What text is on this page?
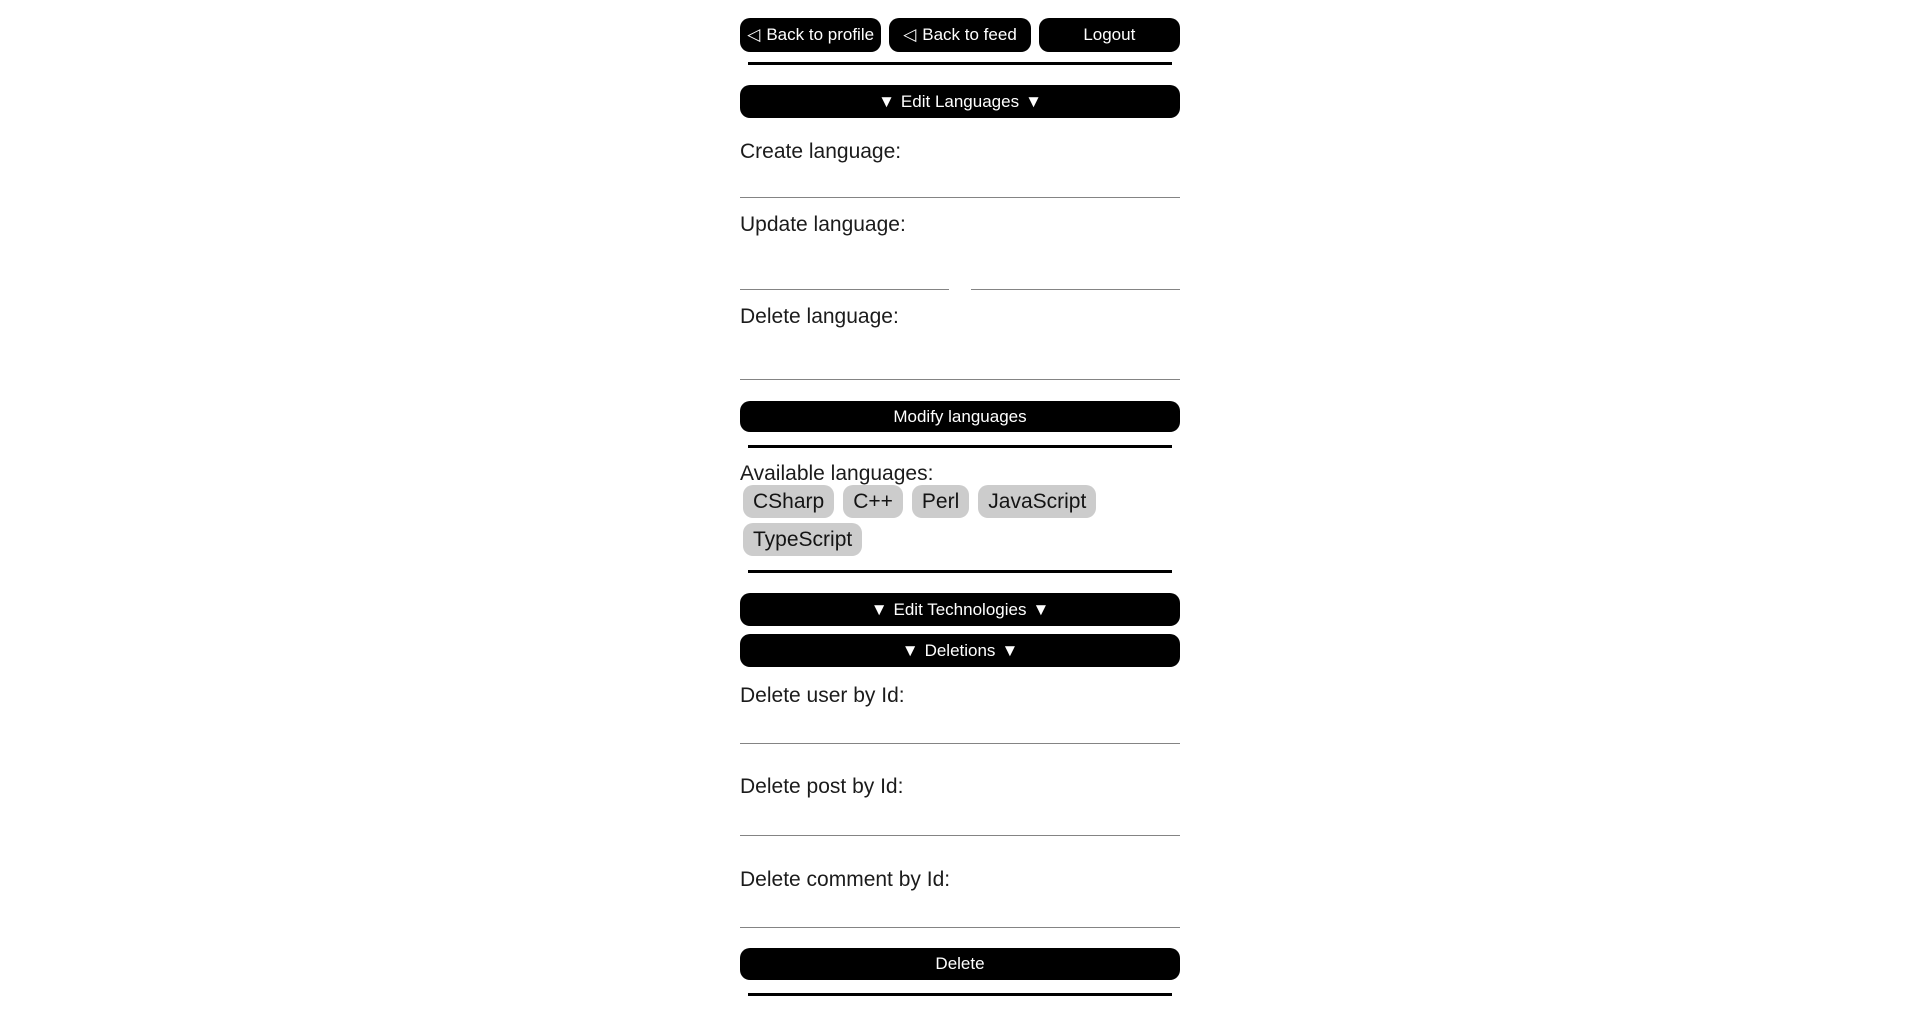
◁ Back to profile ◁ Back to feed	Logout
▼ Edit Languages ▼
Create language:
Update language:
Delete language:
Modify languages
Available languages:
CSharp	C++	Perl	JavaScript
TypeScript
▼ Edit Technologies ▼

▼ Deletions ▼
Delete user by Id:
Delete post by Id:
Delete comment by Id:
Delete
